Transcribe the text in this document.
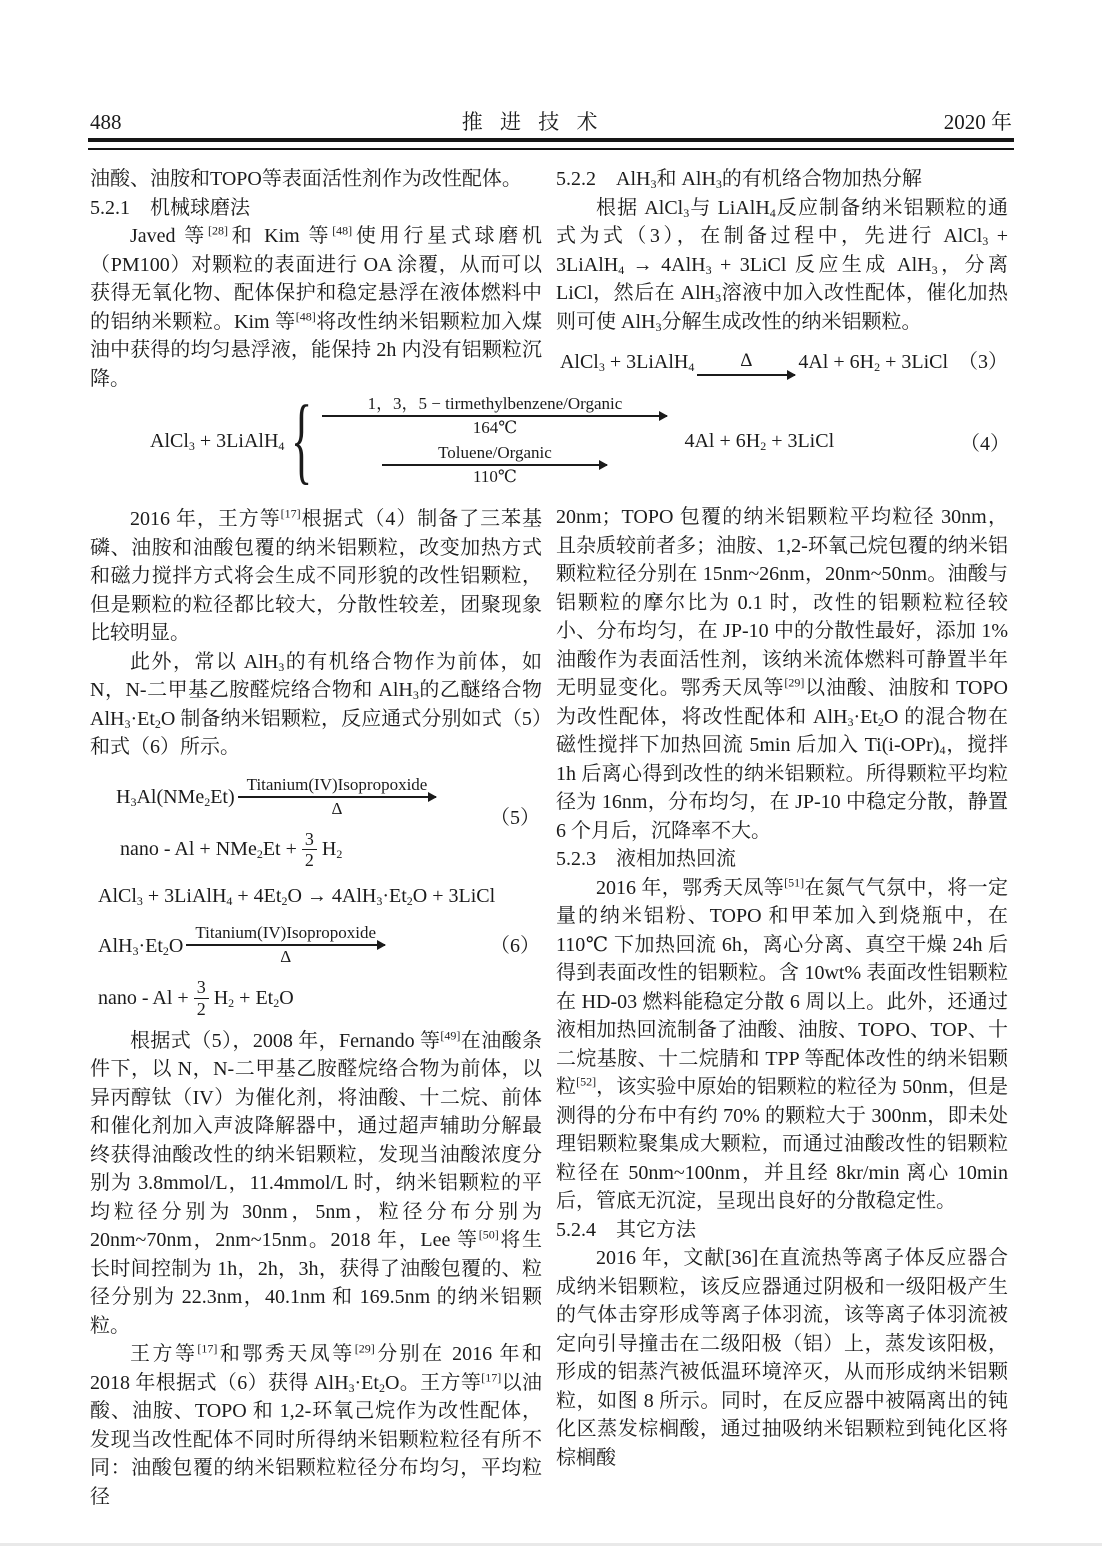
488	推 进 技 术	2020 年

油酸、油胺和TOPO等表面活性剂作为改性配体。

5.2.1　机械球磨法

Javed 等[28]和 Kim 等[48]使用行星式球磨机（PM100）对颗粒的表面进行 OA 涂覆，从而可以获得无氧化物、配体保护和稳定悬浮在液体燃料中的铝纳米颗粒。Kim 等[48]将改性纳米铝颗粒加入煤油中获得的均匀悬浮液，能保持 2h 内没有铝颗粒沉降。

5.2.2　AlH$_3$和 AlH$_3$的有机络合物加热分解

根据 AlCl$_3$与 LiAlH$_4$反应制备纳米铝颗粒的通式为式（3），在制备过程中，先进行 AlCl$_3$ + 3LiAlH$_4$ → 4AlH$_3$ + 3LiCl 反应生成 AlH$_3$，分离 LiCl，然后在 AlH$_3$溶液中加入改性配体，催化加热则可使 AlH$_3$分解生成改性的纳米铝颗粒。

AlCl$_3$ + 3LiAlH$_4$ Δ $4Al + 6H_2$ + 3LiCl （3）
AlCl$_3$ + 3LiAlH$_4$ {	1，3，5 − tirmethylbenzene/Organic
164℃
Toluene/Organic
110℃
$4Al + 6H_2$ + 3LiCl	（4）

2016 年，王方等[17]根据式（4）制备了三苯基磷、油胺和油酸包覆的纳米铝颗粒，改变加热方式和磁力搅拌方式将会生成不同形貌的改性铝颗粒，但是颗粒的粒径都比较大，分散性较差，团聚现象比较明显。

此外，常以 AlH$_3$的有机络合物作为前体，如 N，N-二甲基乙胺醛烷络合物和 AlH$_3$的乙醚络合物 $AlH_3\cdot Et_2O$ 制备纳米铝颗粒，反应通式分别如式（5）和式（6）所示。

$H_3Al(NMe_2Et)$
Titanium(IV)Isopropoxide
Δ
nano - $Al + NMe_2Et + \frac{3}{2} H_2$
（5）
AlCl$_3$ + 3LiAlH$_4$ + $4Et_2O \to 4AlH_3\cdot Et_2O$ + 3LiCl
$AlH_3\cdot Et_2O$
Titanium(IV)Isopropoxide
Δ
nano - $Al + \frac{3}{2} H_2 + Et_2O$
（6）

根据式（5），2008 年，Fernando 等[49]在油酸条件下，以 N，N-二甲基乙胺醛烷络合物为前体，以异丙醇钛（IV）为催化剂，将油酸、十二烷、前体和催化剂加入声波降解器中，通过超声辅助分解最终获得油酸改性的纳米铝颗粒，发现当油酸浓度分别为 3.8mmol/L，11.4mmol/L 时，纳米铝颗粒的平均粒径分别为 30nm，5nm，粒径分布分别为 20nm~70nm，2nm~15nm。2018 年，Lee 等[50]将生长时间控制为 1h，2h，3h，获得了油酸包覆的、粒径分别为 22.3nm，40.1nm 和 169.5nm 的纳米铝颗粒。

王方等[17]和鄂秀天凤等[29]分别在 2016 年和 2018 年根据式（6）获得 $AlH_3\cdot Et_2O$。王方等[17]以油酸、油胺、TOPO 和 1,2-环氧己烷作为改性配体，发现当改性配体不同时所得纳米铝颗粒粒径有所不同：油酸包覆的纳米铝颗粒粒径分布均匀，平均粒径

20nm；TOPO 包覆的纳米铝颗粒平均粒径 30nm，且杂质较前者多；油胺、1,2-环氧己烷包覆的纳米铝颗粒粒径分别在 15nm~26nm，20nm~50nm。油酸与铝颗粒的摩尔比为 0.1 时，改性的铝颗粒粒径较小、分布均匀，在 JP-10 中的分散性最好，添加 1% 油酸作为表面活性剂，该纳米流体燃料可静置半年无明显变化。鄂秀天凤等[29]以油酸、油胺和 TOPO 为改性配体，将改性配体和 $AlH_3\cdot Et_2O$ 的混合物在磁性搅拌下加热回流 5min 后加入 $Ti(i-OPr)_4$，搅拌 1h 后离心得到改性的纳米铝颗粒。所得颗粒平均粒径为 16nm，分布均匀，在 JP-10 中稳定分散，静置 6 个月后，沉降率不大。

5.2.3　液相加热回流

2016 年，鄂秀天凤等[51]在氮气气氛中，将一定量的纳米铝粉、TOPO 和甲苯加入到烧瓶中，在 110℃ 下加热回流 6h，离心分离、真空干燥 24h 后得到表面改性的铝颗粒。含 10wt% 表面改性铝颗粒在 HD-03 燃料能稳定分散 6 周以上。此外，还通过液相加热回流制备了油酸、油胺、TOPO、TOP、十二烷基胺、十二烷腈和 TPP 等配体改性的纳米铝颗粒[52]，该实验中原始的铝颗粒的粒径为 50nm，但是测得的分布中有约 70% 的颗粒大于 300nm，即未处理铝颗粒聚集成大颗粒，而通过油酸改性的铝颗粒粒径在 50nm~100nm，并且经 8kr/min 离心 10min 后，管底无沉淀，呈现出良好的分散稳定性。

5.2.4　其它方法

2016 年，文献[36]在直流热等离子体反应器合成纳米铝颗粒，该反应器通过阴极和一级阳极产生的气体击穿形成等离子体羽流，该等离子体羽流被定向引导撞击在二级阳极（铝）上，蒸发该阳极，形成的铝蒸汽被低温环境淬灭，从而形成纳米铝颗粒，如图 8 所示。同时，在反应器中被隔离出的钝化区蒸发棕榈酸，通过抽吸纳米铝颗粒到钝化区将棕榈酸
